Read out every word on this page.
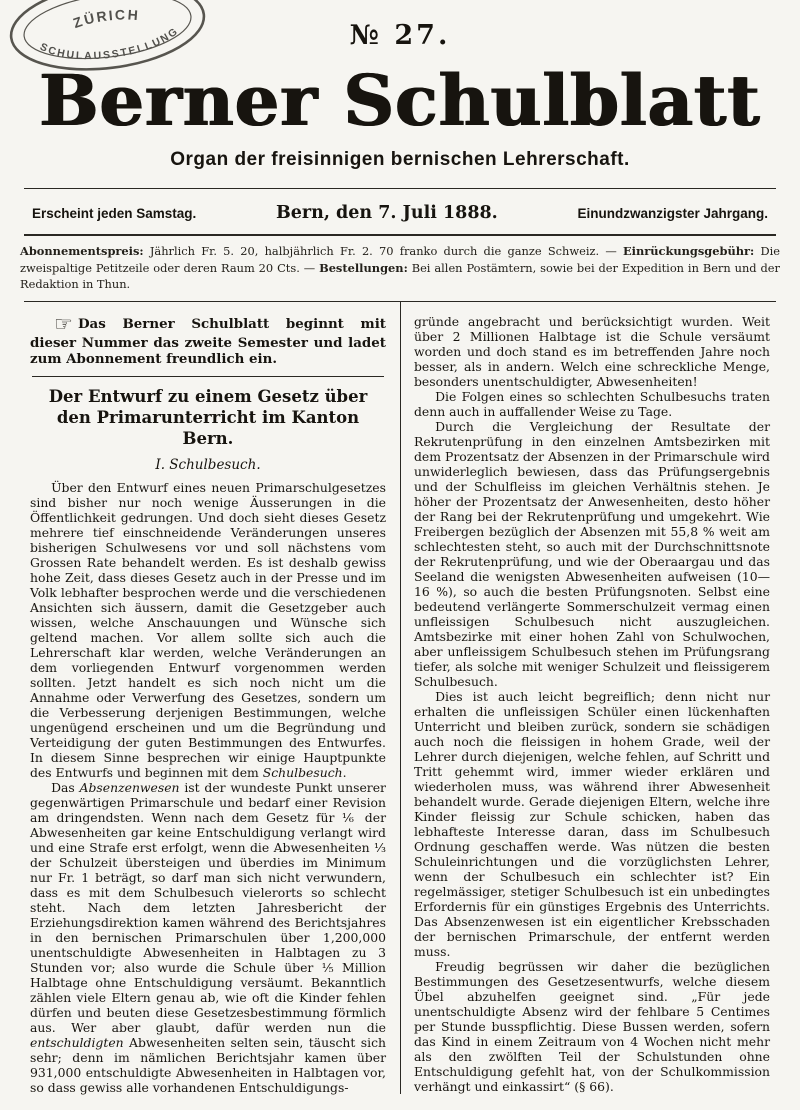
ZÜRICH
SCHULAUSSTELLUNG	№ 27.
Berner Schulblatt
Organ der freisinnigen bernischen Lehrerschaft.
Erscheint jeden Samstag.	Bern, den 7. Juli 1888.	Einundzwanzigster Jahrgang.

Abonnementspreis: Jährlich Fr. 5. 20, halbjährlich Fr. 2. 70 franko durch die ganze Schweiz. — Einrückungsgebühr: Die zweispaltige Petitzeile oder deren Raum 20 Cts. — Bestellungen: Bei allen Postämtern, sowie bei der Expedition in Bern und der Redaktion in Thun.

☞ Das Berner Schulblatt beginnt mit dieser Nummer das zweite Semester und ladet zum Abonnement freundlich ein.

Der Entwurf zu einem Gesetz über den Primarunterricht im Kanton Bern.
I. Schulbesuch.

Über den Entwurf eines neuen Primarschulgesetzes sind bisher nur noch wenige Äusserungen in die Öffentlichkeit gedrungen. Und doch sieht dieses Gesetz mehrere tief einschneidende Veränderungen unseres bisherigen Schulwesens vor und soll nächstens vom Grossen Rate behandelt werden. Es ist deshalb gewiss hohe Zeit, dass dieses Gesetz auch in der Presse und im Volk lebhafter besprochen werde und die verschiedenen Ansichten sich äussern, damit die Gesetzgeber auch wissen, welche Anschauungen und Wünsche sich geltend machen. Vor allem sollte sich auch die Lehrerschaft klar werden, welche Veränderungen an dem vorliegenden Entwurf vorgenommen werden sollten. Jetzt handelt es sich noch nicht um die Annahme oder Verwerfung des Gesetzes, sondern um die Verbesserung derjenigen Bestimmungen, welche ungenügend erscheinen und um die Begründung und Verteidigung der guten Bestimmungen des Entwurfes. In diesem Sinne besprechen wir einige Hauptpunkte des Entwurfs und beginnen mit dem Schulbesuch.

Das Absenzenwesen ist der wundeste Punkt unserer gegenwärtigen Primarschule und bedarf einer Revision am dringendsten. Wenn nach dem Gesetz für ⅙ der Abwesenheiten gar keine Entschuldigung verlangt wird und eine Strafe erst erfolgt, wenn die Abwesenheiten ⅓ der Schulzeit übersteigen und überdies im Minimum nur Fr. 1 beträgt, so darf man sich nicht verwundern, dass es mit dem Schulbesuch vielerorts so schlecht steht. Nach dem letzten Jahresbericht der Erziehungsdirektion kamen während des Berichtsjahres in den bernischen Primarschulen über 1,200,000 unentschuldigte Abwesenheiten in Halbtagen zu 3 Stunden vor; also wurde die Schule über ⅕ Million Halbtage ohne Entschuldigung versäumt. Bekanntlich zählen viele Eltern genau ab, wie oft die Kinder fehlen dürfen und beuten diese Gesetzesbestimmung förmlich aus. Wer aber glaubt, dafür werden nun die entschuldigten Abwesenheiten selten sein, täuscht sich sehr; denn im nämlichen Berichtsjahr kamen über 931,000 entschuldigte Abwesenheiten in Halbtagen vor, so dass gewiss alle vorhandenen Entschuldigungs-

gründe angebracht und berücksichtigt wurden. Weit über 2 Millionen Halbtage ist die Schule versäumt worden und doch stand es im betreffenden Jahre noch besser, als in andern. Welch eine schreckliche Menge, besonders unentschuldigter, Abwesenheiten!

Die Folgen eines so schlechten Schulbesuchs traten denn auch in auffallender Weise zu Tage.

Durch die Vergleichung der Resultate der Rekrutenprüfung in den einzelnen Amtsbezirken mit dem Prozentsatz der Absenzen in der Primarschule wird unwiderleglich bewiesen, dass das Prüfungsergebnis und der Schulfleiss im gleichen Verhältnis stehen. Je höher der Prozentsatz der Anwesenheiten, desto höher der Rang bei der Rekrutenprüfung und umgekehrt. Wie Freibergen bezüglich der Absenzen mit 55,8 % weit am schlechtesten steht, so auch mit der Durchschnittsnote der Rekrutenprüfung, und wie der Oberaargau und das Seeland die wenigsten Abwesenheiten aufweisen (10—16 %), so auch die besten Prüfungsnoten. Selbst eine bedeutend verlängerte Sommerschulzeit vermag einen unfleissigen Schulbesuch nicht auszugleichen. Amtsbezirke mit einer hohen Zahl von Schulwochen, aber unfleissigem Schulbesuch stehen im Prüfungsrang tiefer, als solche mit weniger Schulzeit und fleissigerem Schulbesuch.

Dies ist auch leicht begreiflich; denn nicht nur erhalten die unfleissigen Schüler einen lückenhaften Unterricht und bleiben zurück, sondern sie schädigen auch noch die fleissigen in hohem Grade, weil der Lehrer durch diejenigen, welche fehlen, auf Schritt und Tritt gehemmt wird, immer wieder erklären und wiederholen muss, was während ihrer Abwesenheit behandelt wurde. Gerade diejenigen Eltern, welche ihre Kinder fleissig zur Schule schicken, haben das lebhafteste Interesse daran, dass im Schulbesuch Ordnung geschaffen werde. Was nützen die besten Schuleinrichtungen und die vorzüglichsten Lehrer, wenn der Schulbesuch ein schlechter ist? Ein regelmässiger, stetiger Schulbesuch ist ein unbedingtes Erfordernis für ein günstiges Ergebnis des Unterrichts. Das Absenzenwesen ist ein eigentlicher Krebsschaden der bernischen Primarschule, der entfernt werden muss.

Freudig begrüssen wir daher die bezüglichen Bestimmungen des Gesetzesentwurfs, welche diesem Übel abzuhelfen geeignet sind. „Für jede unentschuldigte Absenz wird der fehlbare 5 Centimes per Stunde busspflichtig. Diese Bussen werden, sofern das Kind in einem Zeitraum von 4 Wochen nicht mehr als den zwölften Teil der Schulstunden ohne Entschuldigung gefehlt hat, von der Schulkommission verhängt und einkassirt“ (§ 66).
